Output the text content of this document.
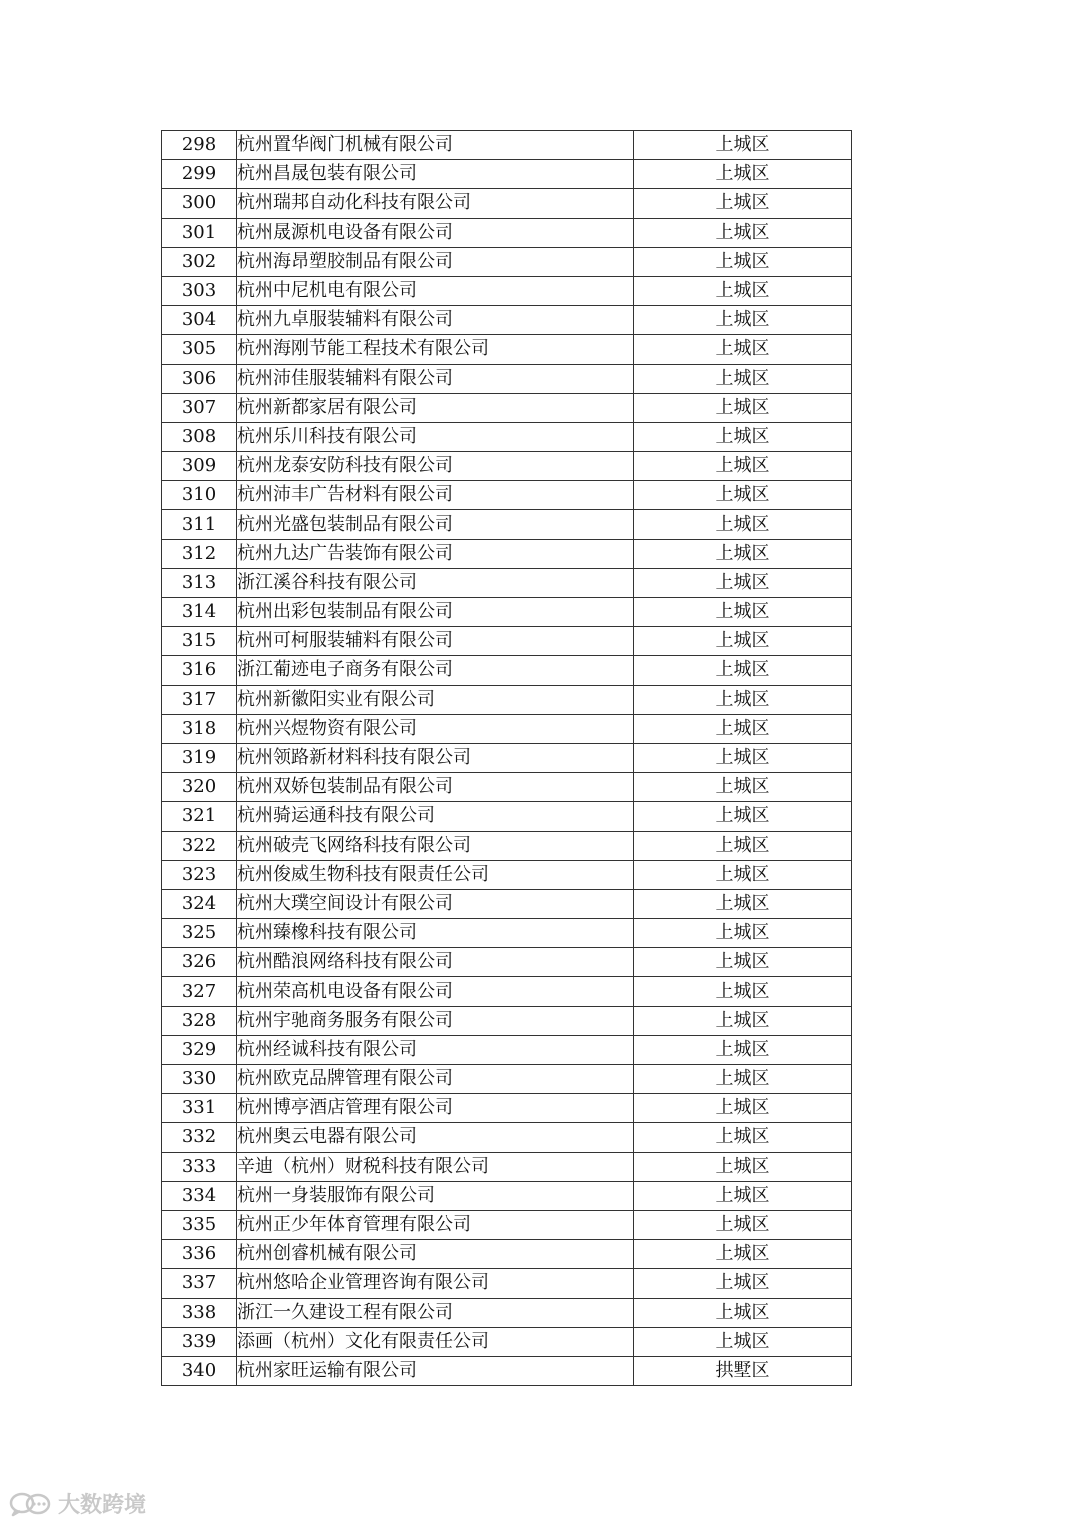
298	杭州置华阀门机械有限公司	上城区
299	杭州昌晟包装有限公司	上城区
300	杭州瑞邦自动化科技有限公司	上城区
301	杭州晟源机电设备有限公司	上城区
302	杭州海昂塑胶制品有限公司	上城区
303	杭州中尼机电有限公司	上城区
304	杭州九卓服装辅料有限公司	上城区
305	杭州海刚节能工程技术有限公司	上城区
306	杭州沛佳服装辅料有限公司	上城区
307	杭州新都家居有限公司	上城区
308	杭州乐川科技有限公司	上城区
309	杭州龙泰安防科技有限公司	上城区
310	杭州沛丰广告材料有限公司	上城区
311	杭州光盛包装制品有限公司	上城区
312	杭州九达广告装饰有限公司	上城区
313	浙江溪谷科技有限公司	上城区
314	杭州出彩包装制品有限公司	上城区
315	杭州可柯服装辅料有限公司	上城区
316	浙江葡迹电子商务有限公司	上城区
317	杭州新徽阳实业有限公司	上城区
318	杭州兴煜物资有限公司	上城区
319	杭州领路新材料科技有限公司	上城区
320	杭州双娇包装制品有限公司	上城区
321	杭州骑运通科技有限公司	上城区
322	杭州破壳飞网络科技有限公司	上城区
323	杭州俊威生物科技有限责任公司	上城区
324	杭州大璞空间设计有限公司	上城区
325	杭州臻橡科技有限公司	上城区
326	杭州酷浪网络科技有限公司	上城区
327	杭州荣高机电设备有限公司	上城区
328	杭州宇驰商务服务有限公司	上城区
329	杭州经诚科技有限公司	上城区
330	杭州欧克品牌管理有限公司	上城区
331	杭州博亭酒店管理有限公司	上城区
332	杭州奥云电器有限公司	上城区
333	辛迪（杭州）财税科技有限公司	上城区
334	杭州一身装服饰有限公司	上城区
335	杭州正少年体育管理有限公司	上城区
336	杭州创睿机械有限公司	上城区
337	杭州悠哈企业管理咨询有限公司	上城区
338	浙江一久建设工程有限公司	上城区
339	添画（杭州）文化有限责任公司	上城区
340	杭州家旺运输有限公司	拱墅区
大数跨境
